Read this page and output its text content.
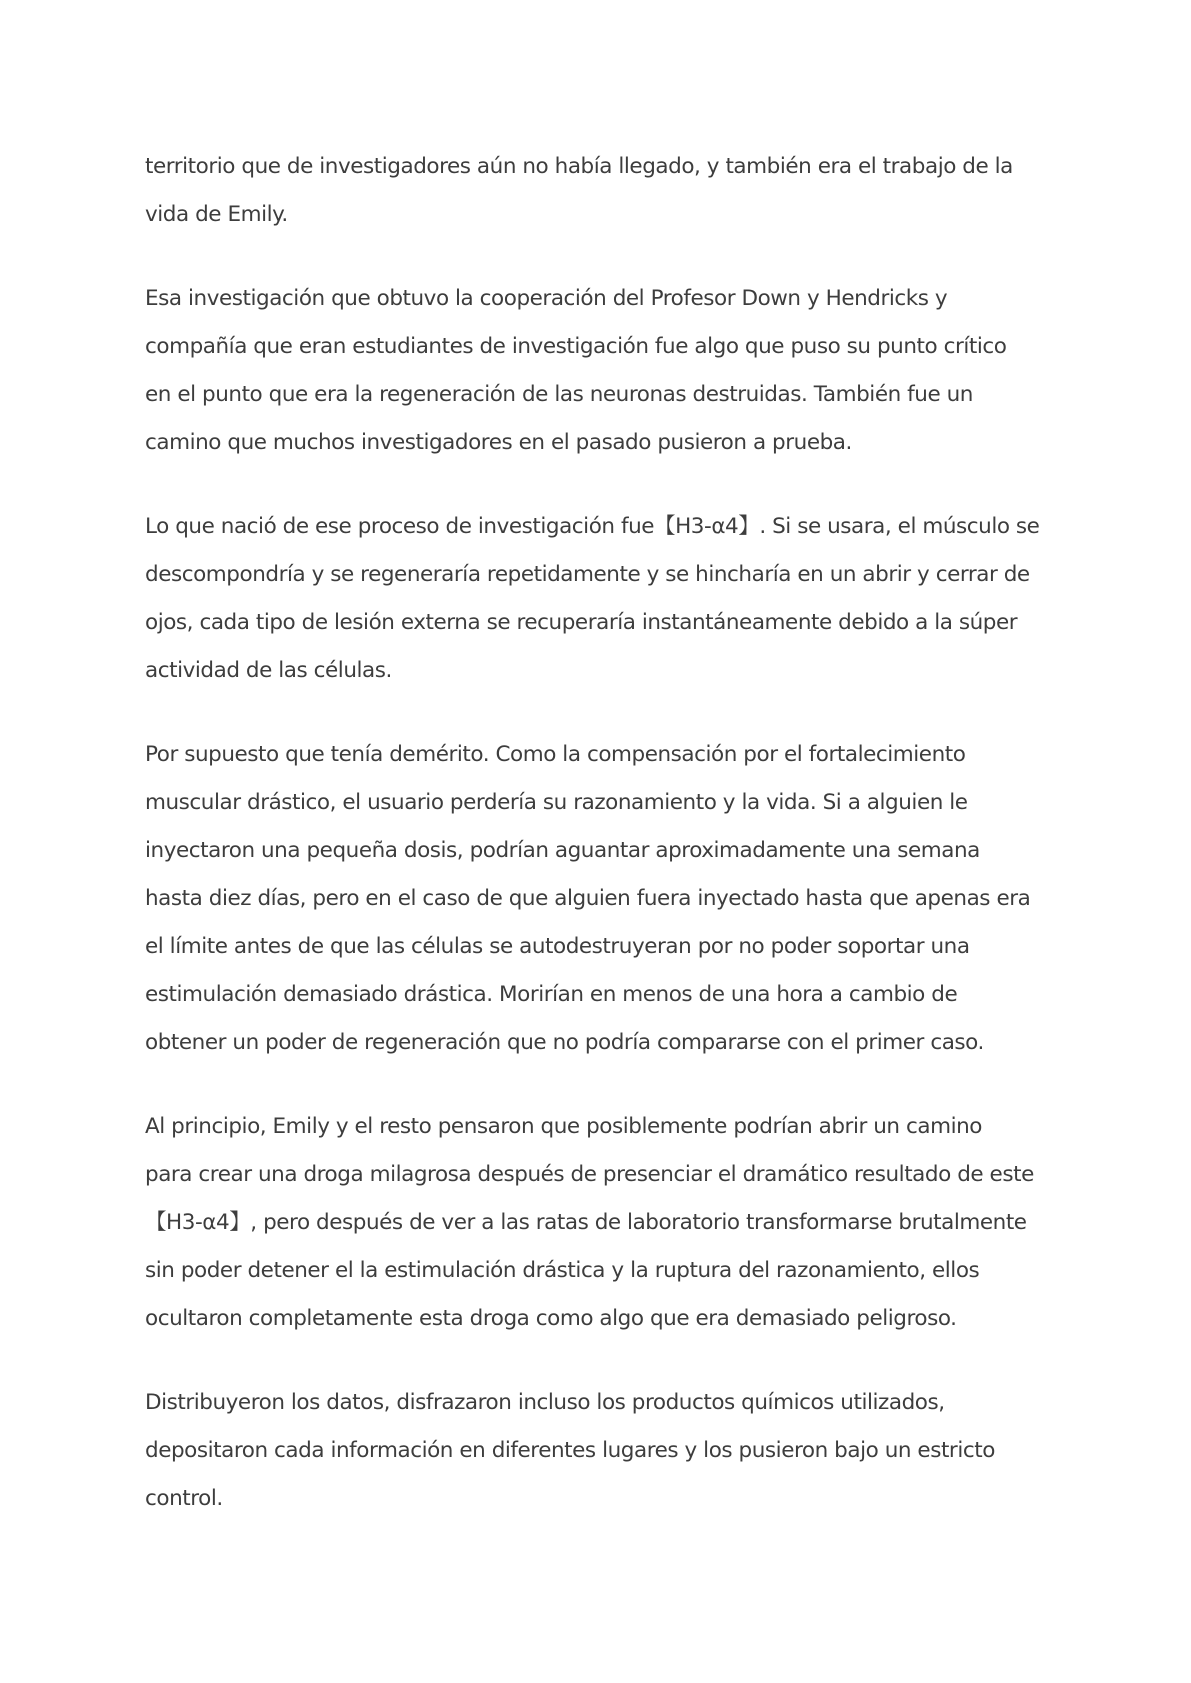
territorio que de investigadores aún no había llegado, y también era el trabajo de la
vida de Emily.

Esa investigación que obtuvo la cooperación del Profesor Down y Hendricks y
compañía que eran estudiantes de investigación fue algo que puso su punto crítico
en el punto que era la regeneración de las neuronas destruidas. También fue un
camino que muchos investigadores en el pasado pusieron a prueba.

Lo que nació de ese proceso de investigación fue【H3-α4】. Si se usara, el músculo se
descompondría y se regeneraría repetidamente y se hincharía en un abrir y cerrar de
ojos, cada tipo de lesión externa se recuperaría instantáneamente debido a la súper
actividad de las células.

Por supuesto que tenía demérito. Como la compensación por el fortalecimiento
muscular drástico, el usuario perdería su razonamiento y la vida. Si a alguien le
inyectaron una pequeña dosis, podrían aguantar aproximadamente una semana
hasta diez días, pero en el caso de que alguien fuera inyectado hasta que apenas era
el límite antes de que las células se autodestruyeran por no poder soportar una
estimulación demasiado drástica. Morirían en menos de una hora a cambio de
obtener un poder de regeneración que no podría compararse con el primer caso.

Al principio, Emily y el resto pensaron que posiblemente podrían abrir un camino
para crear una droga milagrosa después de presenciar el dramático resultado de este
【H3-α4】, pero después de ver a las ratas de laboratorio transformarse brutalmente
sin poder detener el la estimulación drástica y la ruptura del razonamiento, ellos
ocultaron completamente esta droga como algo que era demasiado peligroso.

Distribuyeron los datos, disfrazaron incluso los productos químicos utilizados,
depositaron cada información en diferentes lugares y los pusieron bajo un estricto
control.
